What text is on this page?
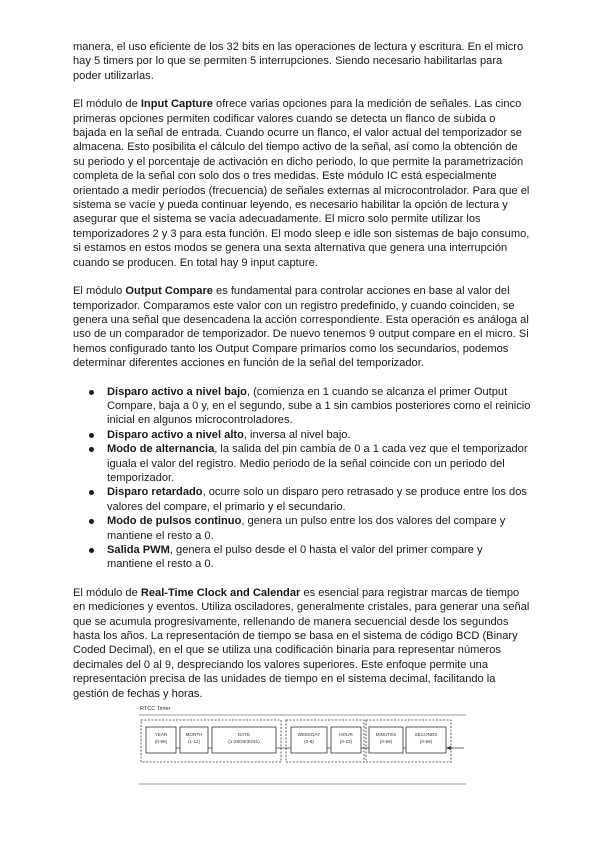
manera, el uso eficiente de los 32 bits en las operaciones de lectura y escritura. En el micro hay 5 timers por lo que se permiten 5 interrupciones. Siendo necesario habilitarlas para poder utilizarlas.

El módulo de Input Capture ofrece varias opciones para la medición de señales. Las cinco primeras opciones permiten codificar valores cuando se detecta un flanco de subida o bajada en la señal de entrada. Cuando ocurre un flanco, el valor actual del temporizador se almacena. Esto posibilita el cálculo del tiempo activo de la señal, así como la obtención de su periodo y el porcentaje de activación en dicho periodo, lo que permite la parametrización completa de la señal con solo dos o tres medidas. Este módulo IC está especialmente orientado a medir períodos (frecuencia) de señales externas al microcontrolador. Para que el sistema se vacíe y pueda continuar leyendo, es necesario habilitar la opción de lectura y asegurar que el sistema se vacía adecuadamente. El micro solo permite utilizar los temporizadores 2 y 3 para esta función. El modo sleep e idle son sistemas de bajo consumo, si estamos en estos modos se genera una sexta alternativa que genera una interrupción cuando se producen. En total hay 9 input capture.

El módulo Output Compare es fundamental para controlar acciones en base al valor del temporizador. Comparamos este valor con un registro predefinido, y cuando coinciden, se genera una señal que desencadena la acción correspondiente. Esta operación es análoga al uso de un comparador de temporizador. De nuevo tenemos 9 output compare en el micro. Si hemos configurado tanto los Output Compare primarios como los secundarios, podemos determinar diferentes acciones en función de la señal del temporizador.

Disparo activo a nivel bajo, (comienza en 1 cuando se alcanza el primer Output Compare, baja a 0 y, en el segundo, sube a 1 sin cambios posteriores como el reinicio inicial en algunos microcontroladores.
Disparo activo a nivel alto, inversa al nivel bajo.
Modo de alternancia, la salida del pin cambia de 0 a 1 cada vez que el temporizador iguala el valor del registro. Medio periodo de la señal coincide con un periodo del temporizador.
Disparo retardado, ocurre solo un disparo pero retrasado y se produce entre los dos valores del compare, el primario y el secundario.
Modo de pulsos continuo, genera un pulso entre los dos valores del compare y mantiene el resto a 0.
Salida PWM, genera el pulso desde el 0 hasta el valor del primer compare y mantiene el resto a 0.

El módulo de Real-Time Clock and Calendar es esencial para registrar marcas de tiempo en mediciones y eventos. Utiliza osciladores, generalmente cristales, para generar una señal que se acumula progresivamente, rellenando de manera secuencial desde los segundos hasta los años. La representación de tiempo se basa en el sistema de código BCD (Binary Coded Decimal), en el que se utiliza una codificación binaria para representar números decimales del 0 al 9, despreciando los valores superiores. Este enfoque permite una representación precisa de las unidades de tiempo en el sistema decimal, facilitando la gestión de fechas y horas.

RTCC Timer
YEAR
(0-99)
MONTH
(1-12)
DATE
(1-28/29/30/31)
WEEKDAY
(0-6)
HOUR
(0-23)
MINUTES
(0-59)
SECONDS
(0-59)
